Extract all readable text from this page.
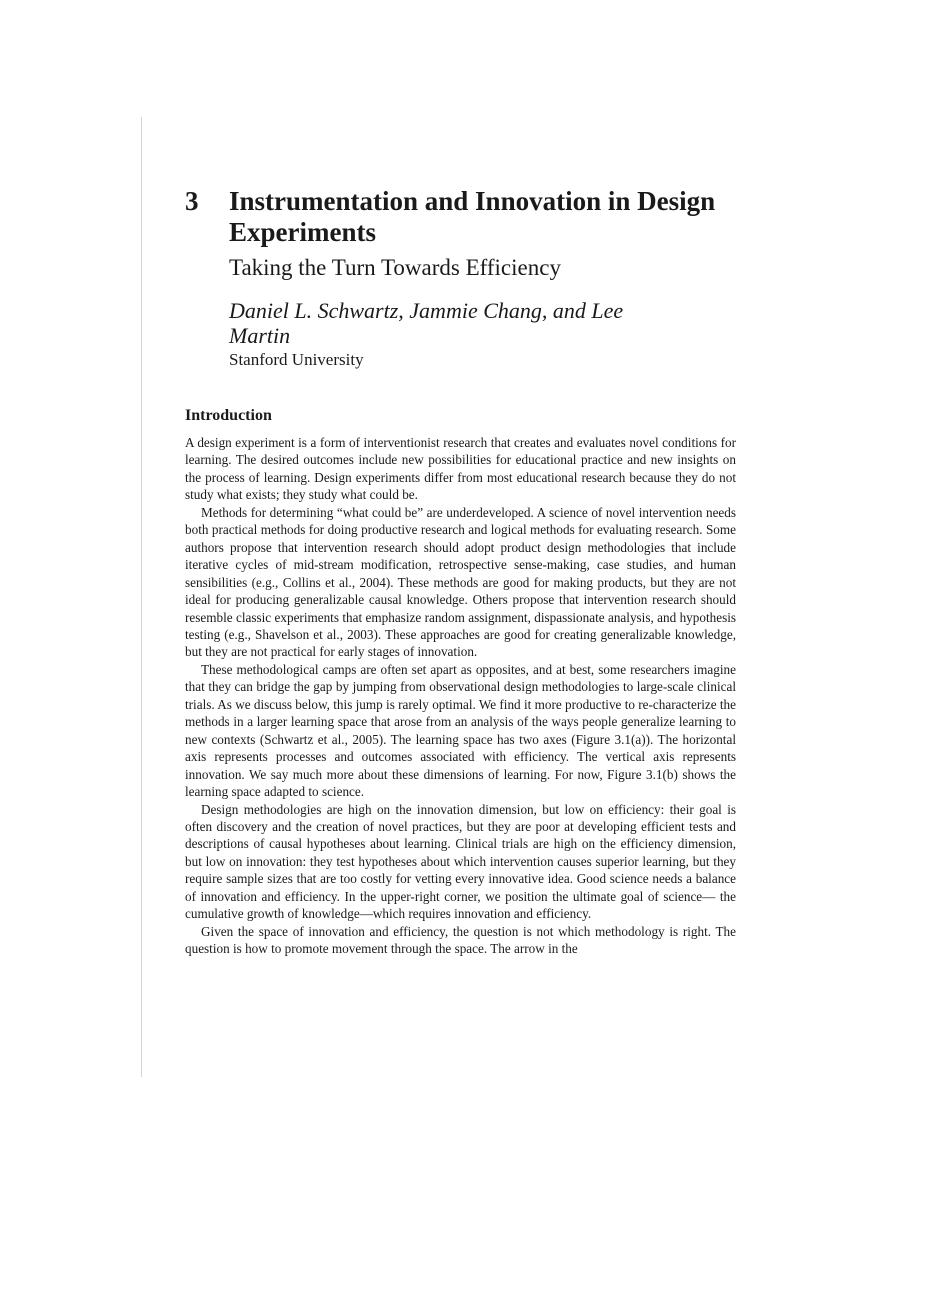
3 Instrumentation and Innovation in Design Experiments
Taking the Turn Towards Efficiency
Daniel L. Schwartz, Jammie Chang, and Lee Martin
Stanford University
Introduction

A design experiment is a form of interventionist research that creates and evaluates novel conditions for learning. The desired outcomes include new possibilities for educational practice and new insights on the process of learning. Design experiments differ from most educational research because they do not study what exists; they study what could be.

Methods for determining “what could be” are underdeveloped. A science of novel intervention needs both practical methods for doing productive research and logical methods for evaluating research. Some authors propose that intervention research should adopt product design methodologies that include iterative cycles of mid-stream modification, retrospective sense-making, case studies, and human sensibilities (e.g., Collins et al., 2004). These methods are good for making products, but they are not ideal for producing generalizable causal knowledge. Others propose that intervention research should resemble classic experiments that emphasize random assignment, dispassionate analysis, and hypothesis testing (e.g., Shavelson et al., 2003). These approaches are good for creating generalizable knowledge, but they are not practical for early stages of innovation.

These methodological camps are often set apart as opposites, and at best, some researchers imagine that they can bridge the gap by jumping from observational design methodologies to large-scale clinical trials. As we discuss below, this jump is rarely optimal. We find it more productive to re-characterize the methods in a larger learning space that arose from an analysis of the ways people generalize learning to new contexts (Schwartz et al., 2005). The learning space has two axes (Figure 3.1(a)). The horizontal axis represents processes and outcomes associated with efficiency. The vertical axis represents innovation. We say much more about these dimensions of learning. For now, Figure 3.1(b) shows the learning space adapted to science.

Design methodologies are high on the innovation dimension, but low on efficiency: their goal is often discovery and the creation of novel practices, but they are poor at developing efficient tests and descriptions of causal hypotheses about learning. Clinical trials are high on the efficiency dimension, but low on innovation: they test hypotheses about which intervention causes superior learning, but they require sample sizes that are too costly for vetting every innovative idea. Good science needs a balance of innovation and efficiency. In the upper-right corner, we position the ultimate goal of science— the cumulative growth of knowledge—which requires innovation and efficiency.

Given the space of innovation and efficiency, the question is not which methodology is right. The question is how to promote movement through the space. The arrow in the
